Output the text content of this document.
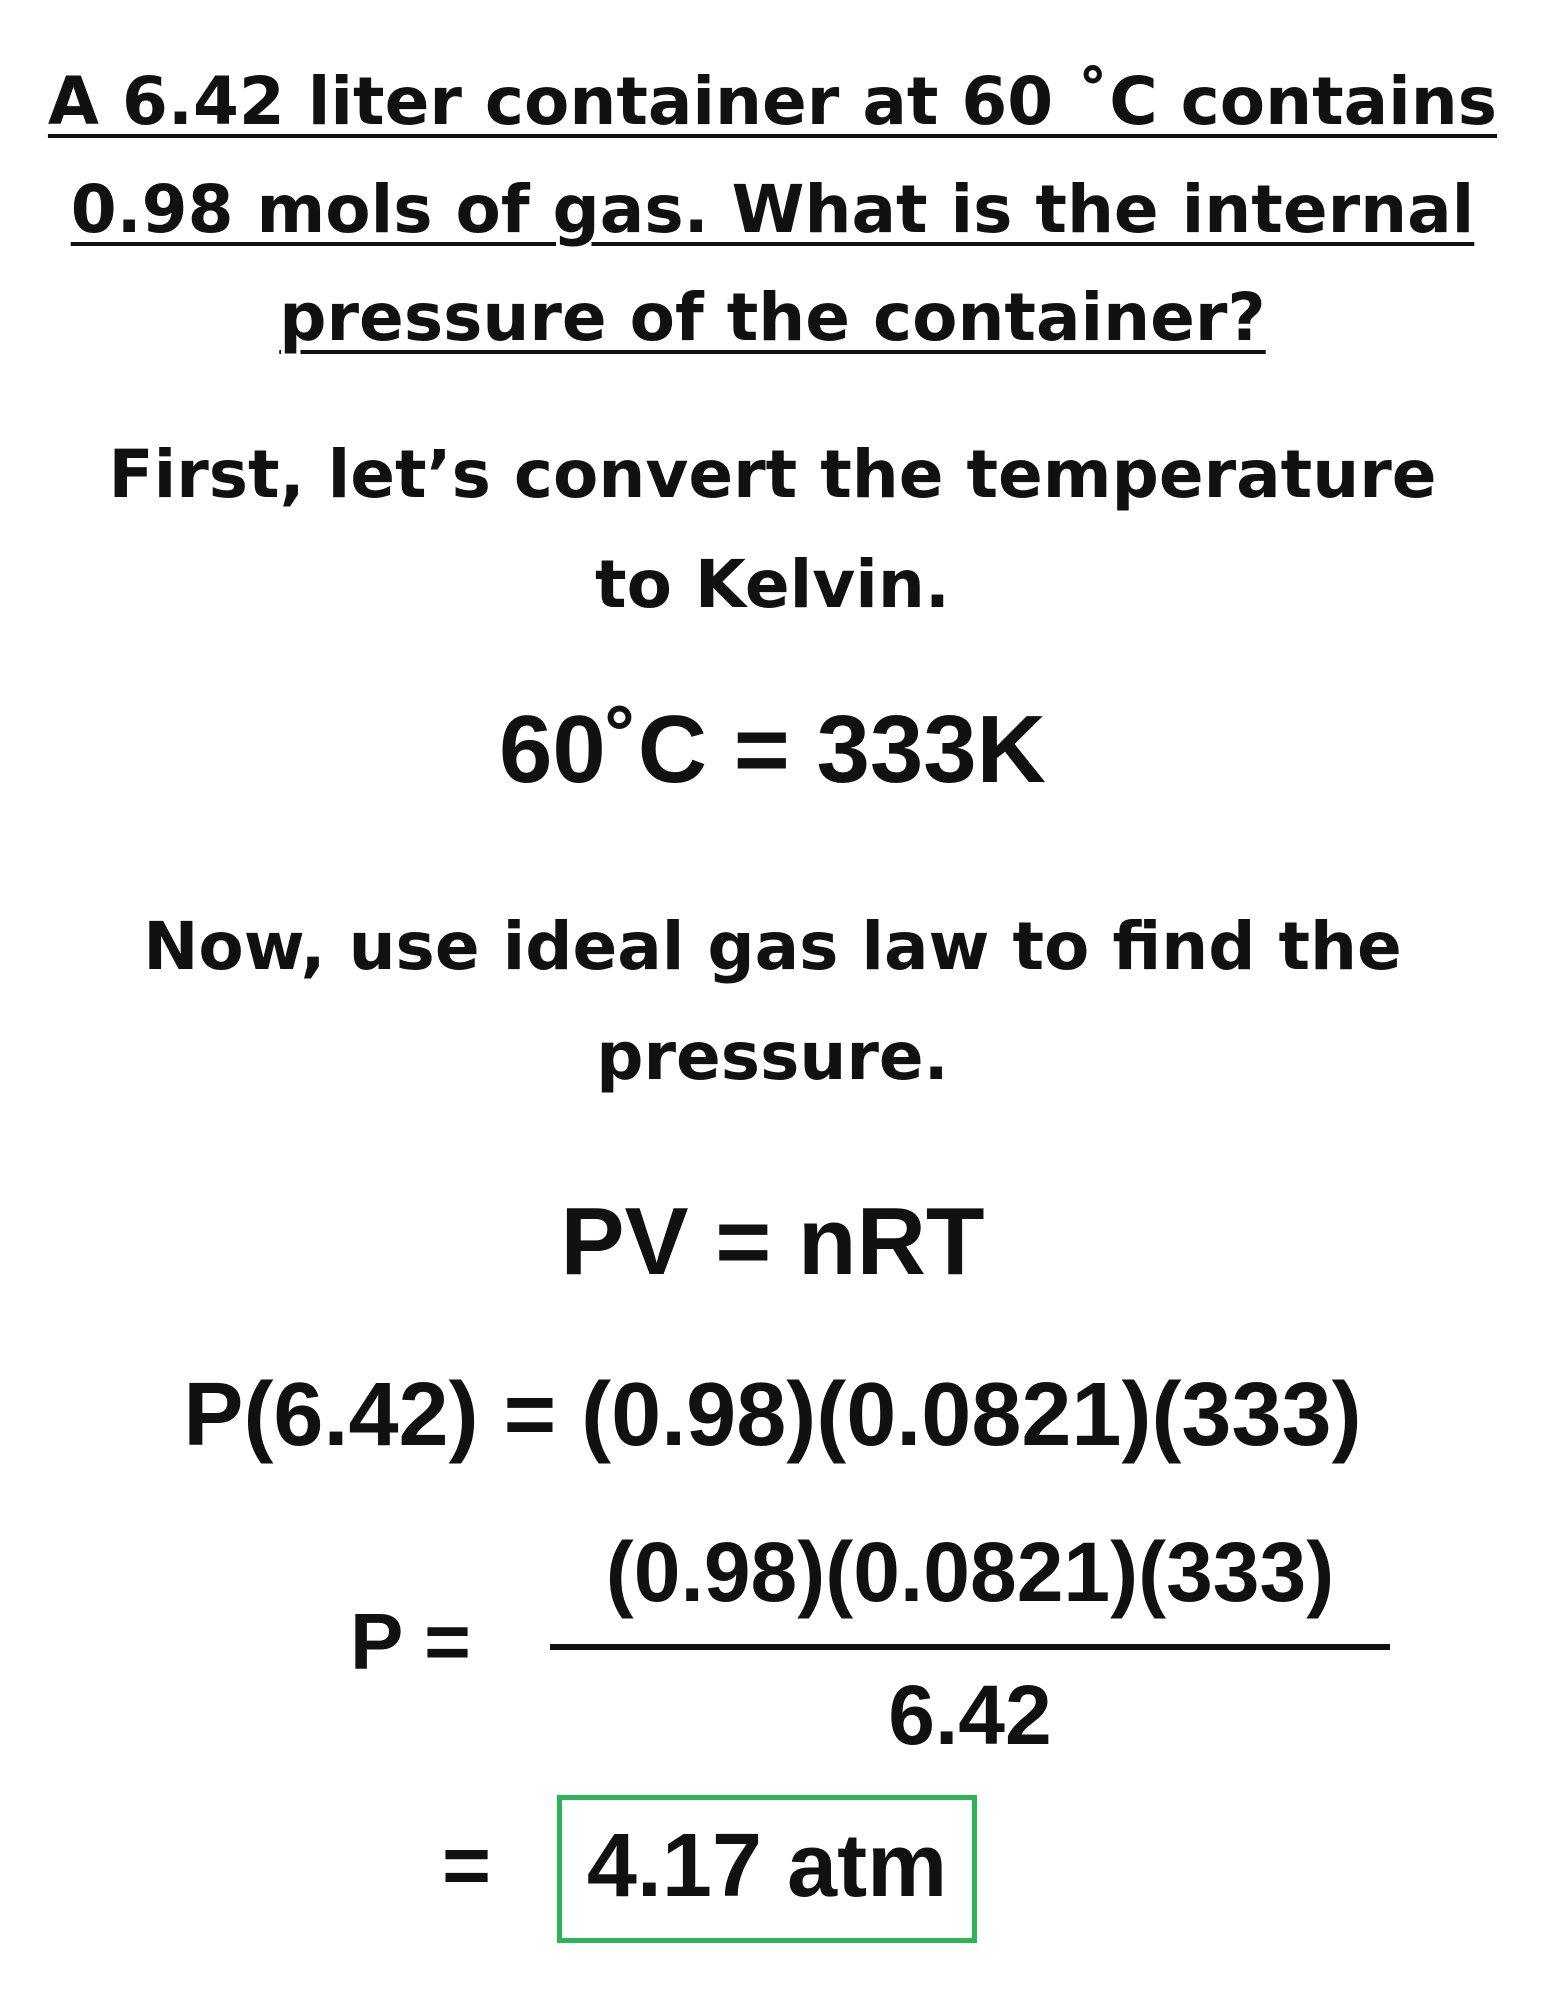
A 6.42 liter container at 60 ˚C contains 0.98 mols of gas. What is the internal pressure of the container?
First, let’s convert the temperature to Kelvin.
60˚C = 333K
Now, use ideal gas law to find the pressure.
PV = nRT
P(6.42) = (0.98)(0.0821)(333)
P =
(0.98)(0.0821)(333)
6.42
= 4.17 atm
